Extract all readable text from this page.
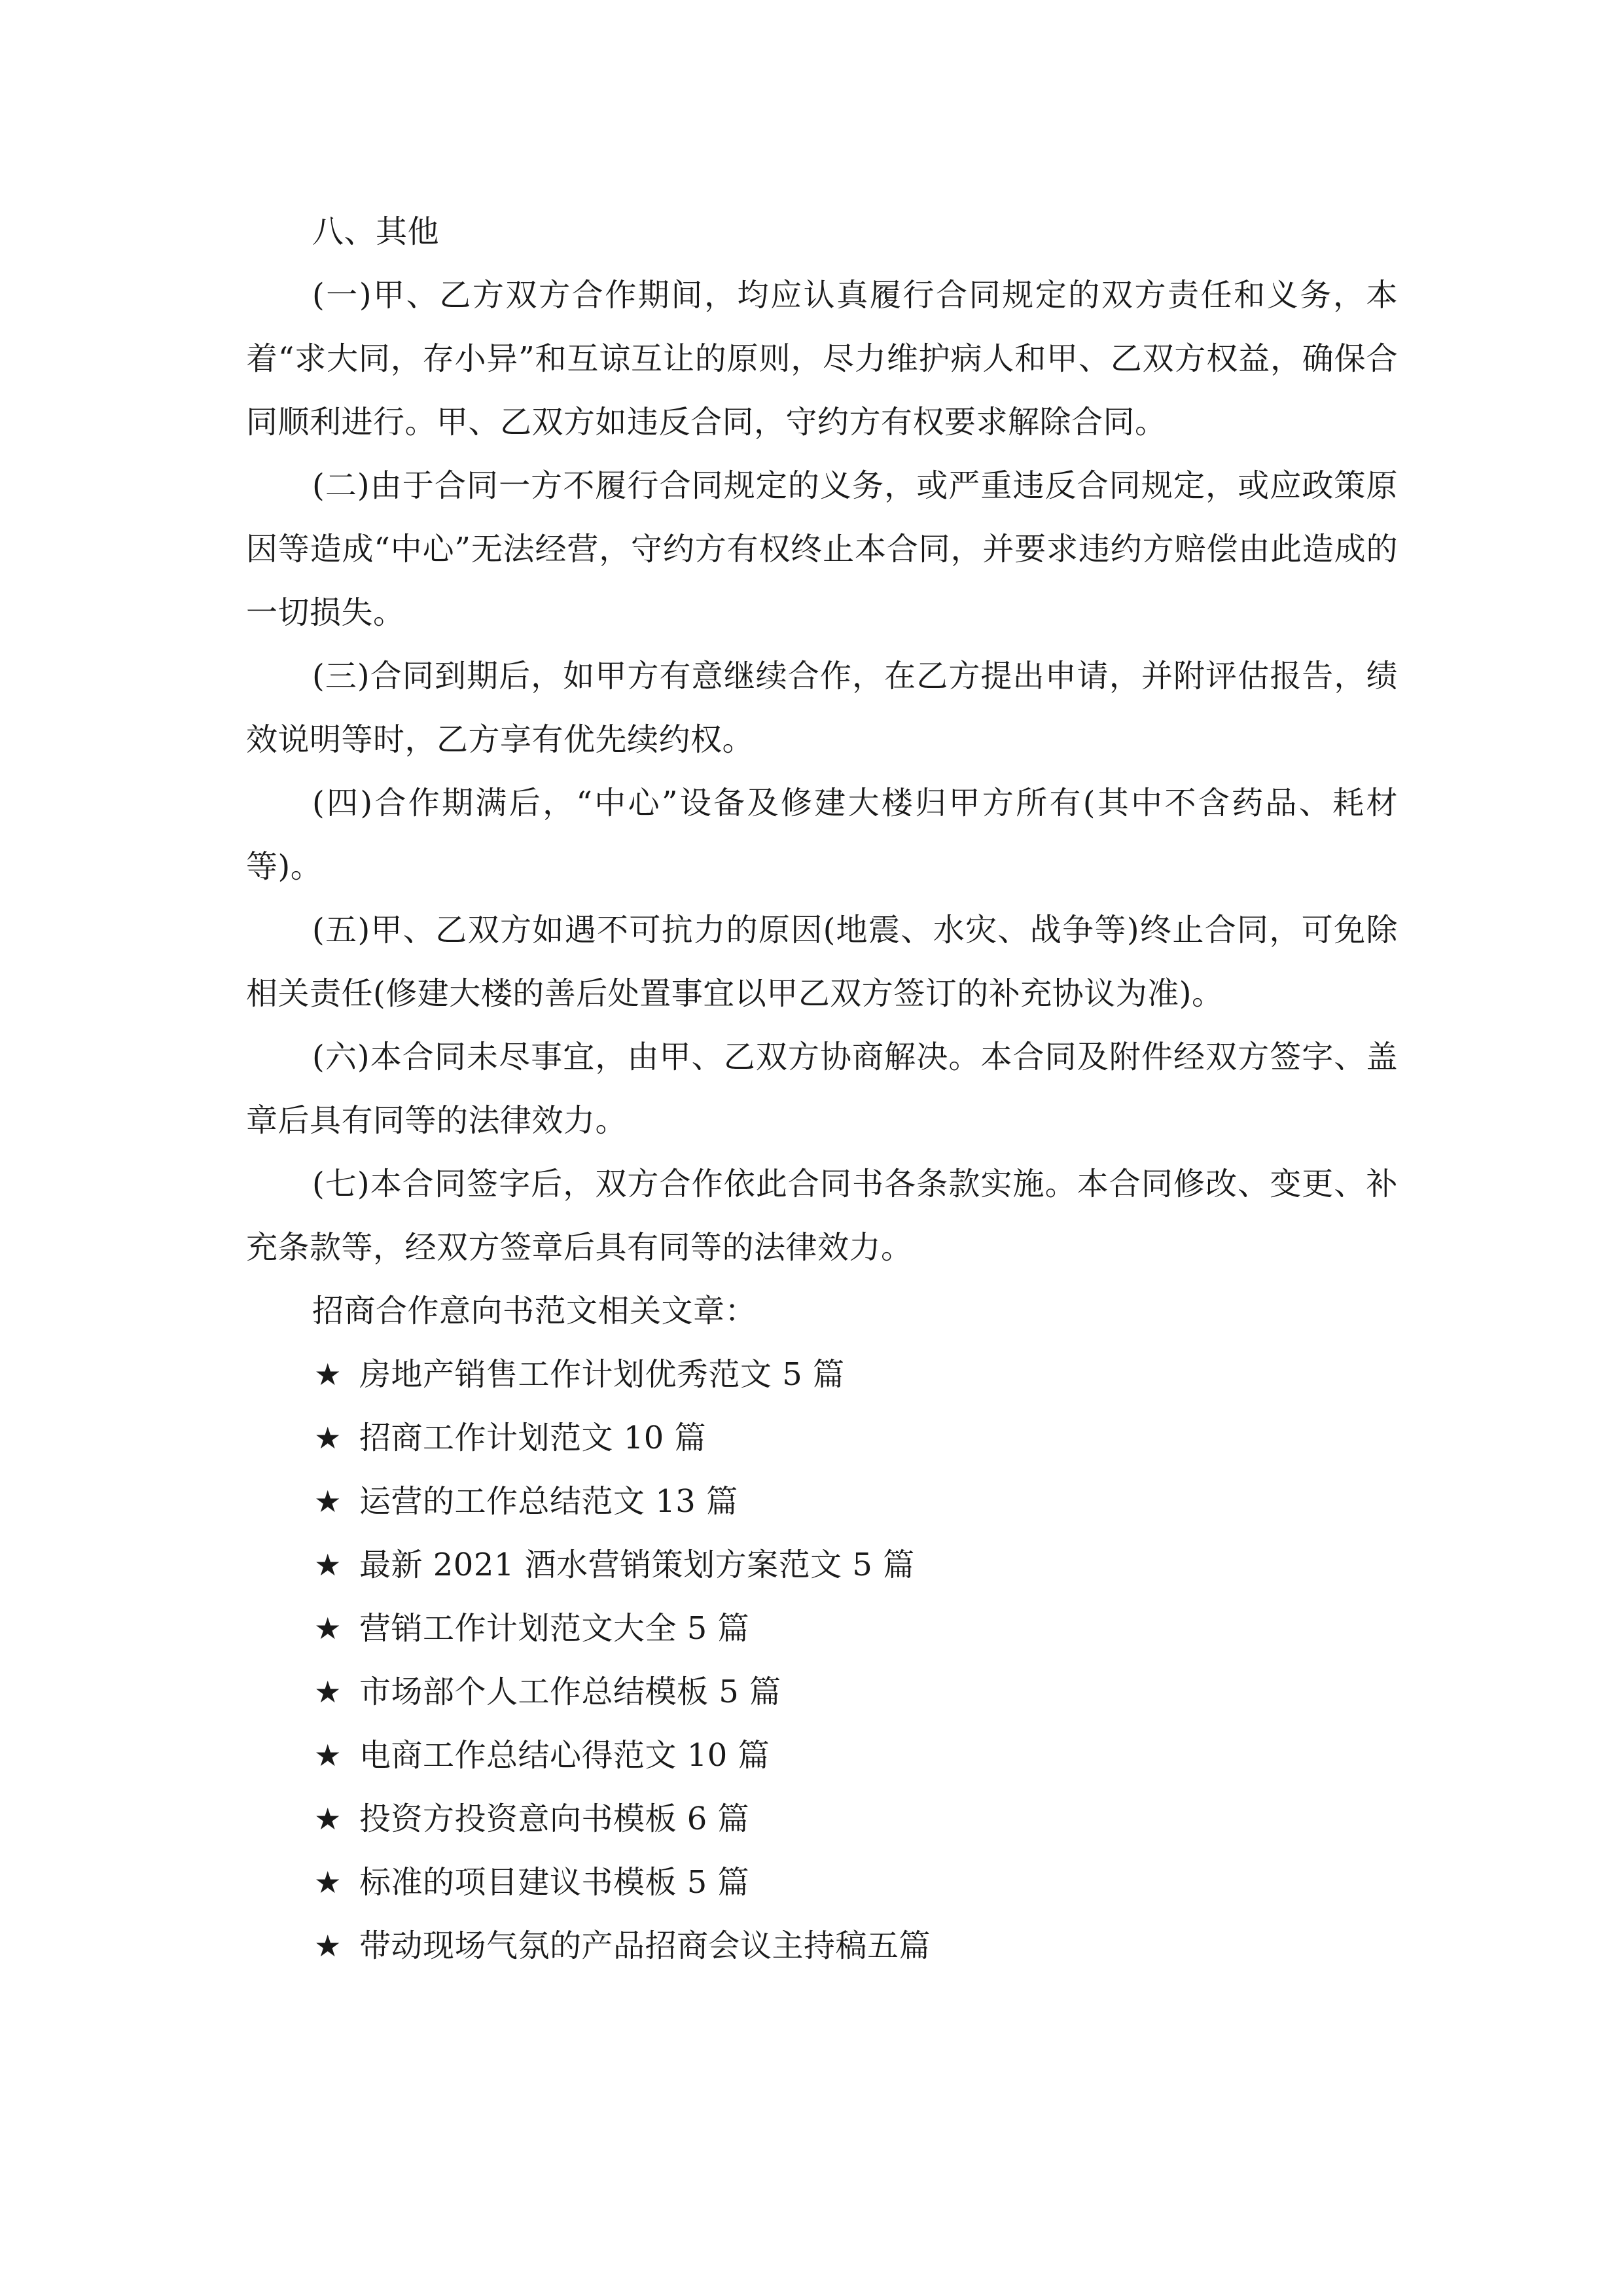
八、其他

(一)甲、乙方双方合作期间，均应认真履行合同规定的双方责任和义务，本着“求大同，存小异”和互谅互让的原则，尽力维护病人和甲、乙双方权益，确保合同顺利进行。甲、乙双方如违反合同，守约方有权要求解除合同。

(二)由于合同一方不履行合同规定的义务，或严重违反合同规定，或应政策原因等造成“中心”无法经营，守约方有权终止本合同，并要求违约方赔偿由此造成的一切损失。

(三)合同到期后，如甲方有意继续合作，在乙方提出申请，并附评估报告，绩效说明等时，乙方享有优先续约权。

(四)合作期满后，“中心”设备及修建大楼归甲方所有(其中不含药品、耗材等)。

(五)甲、乙双方如遇不可抗力的原因(地震、水灾、战争等)终止合同，可免除相关责任(修建大楼的善后处置事宜以甲乙双方签订的补充协议为准)。

(六)本合同未尽事宜，由甲、乙双方协商解决。本合同及附件经双方签字、盖章后具有同等的法律效力。

(七)本合同签字后，双方合作依此合同书各条款实施。本合同修改、变更、补充条款等，经双方签章后具有同等的法律效力。

招商合作意向书范文相关文章：

★ 房地产销售工作计划优秀范文 5 篇
★ 招商工作计划范文 10 篇
★ 运营的工作总结范文 13 篇
★ 最新 2021 酒水营销策划方案范文 5 篇
★ 营销工作计划范文大全 5 篇
★ 市场部个人工作总结模板 5 篇
★ 电商工作总结心得范文 10 篇
★ 投资方投资意向书模板 6 篇
★ 标准的项目建议书模板 5 篇
★ 带动现场气氛的产品招商会议主持稿五篇
